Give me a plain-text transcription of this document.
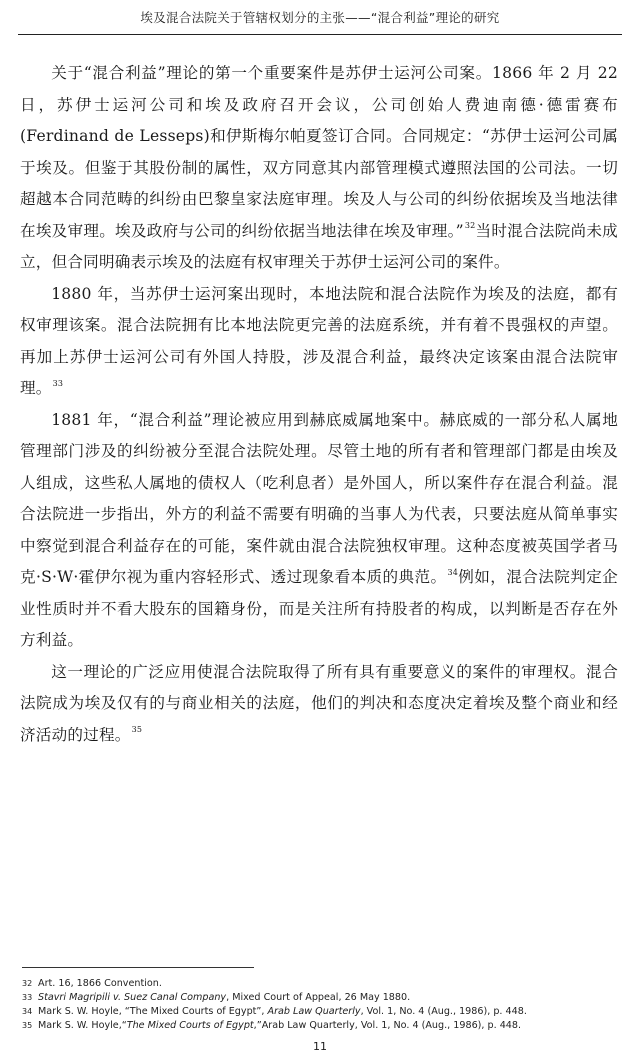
埃及混合法院关于管辖权划分的主张——“混合利益”理论的研究

关于“混合利益”理论的第一个重要案件是苏伊士运河公司案。1866 年 2 月 22 日，苏伊士运河公司和埃及政府召开会议，公司创始人费迪南德·德雷赛布(Ferdinand de Lesseps)和伊斯梅尔帕夏签订合同。合同规定：“苏伊士运河公司属于埃及。但鉴于其股份制的属性，双方同意其内部管理模式遵照法国的公司法。一切超越本合同范畴的纠纷由巴黎皇家法庭审理。埃及人与公司的纠纷依据埃及当地法律在埃及审理。埃及政府与公司的纠纷依据当地法律在埃及审理。”$^{32}$当时混合法院尚未成立，但合同明确表示埃及的法庭有权审理关于苏伊士运河公司的案件。

1880 年，当苏伊士运河案出现时，本地法院和混合法院作为埃及的法庭，都有权审理该案。混合法院拥有比本地法院更完善的法庭系统，并有着不畏强权的声望。再加上苏伊士运河公司有外国人持股，涉及混合利益，最终决定该案由混合法院审理。$^{33}$

1881 年，“混合利益”理论被应用到赫底威属地案中。赫底威的一部分私人属地管理部门涉及的纠纷被分至混合法院处理。尽管土地的所有者和管理部门都是由埃及人组成，这些私人属地的债权人（吃利息者）是外国人，所以案件存在混合利益。混合法院进一步指出，外方的利益不需要有明确的当事人为代表，只要法庭从简单事实中察觉到混合利益存在的可能，案件就由混合法院独权审理。这种态度被英国学者马克·S·W·霍伊尔视为重内容轻形式、透过现象看本质的典范。$^{34}$例如，混合法院判定企业性质时并不看大股东的国籍身份，而是关注所有持股者的构成，以判断是否存在外方利益。

这一理论的广泛应用使混合法院取得了所有具有重要意义的案件的审理权。混合法院成为埃及仅有的与商业相关的法庭，他们的判决和态度决定着埃及整个商业和经济活动的过程。$^{35}$

32 Art. 16, 1866 Convention.

33 Stavri Magripili v. Suez Canal Company, Mixed Court of Appeal, 26 May 1880.

34 Mark S. W. Hoyle, “The Mixed Courts of Egypt”, Arab Law Quarterly, Vol. 1, No. 4 (Aug., 1986), p. 448.

35 Mark S. W. Hoyle,“The Mixed Courts of Egypt,”Arab Law Quarterly, Vol. 1, No. 4 (Aug., 1986), p. 448.

11
